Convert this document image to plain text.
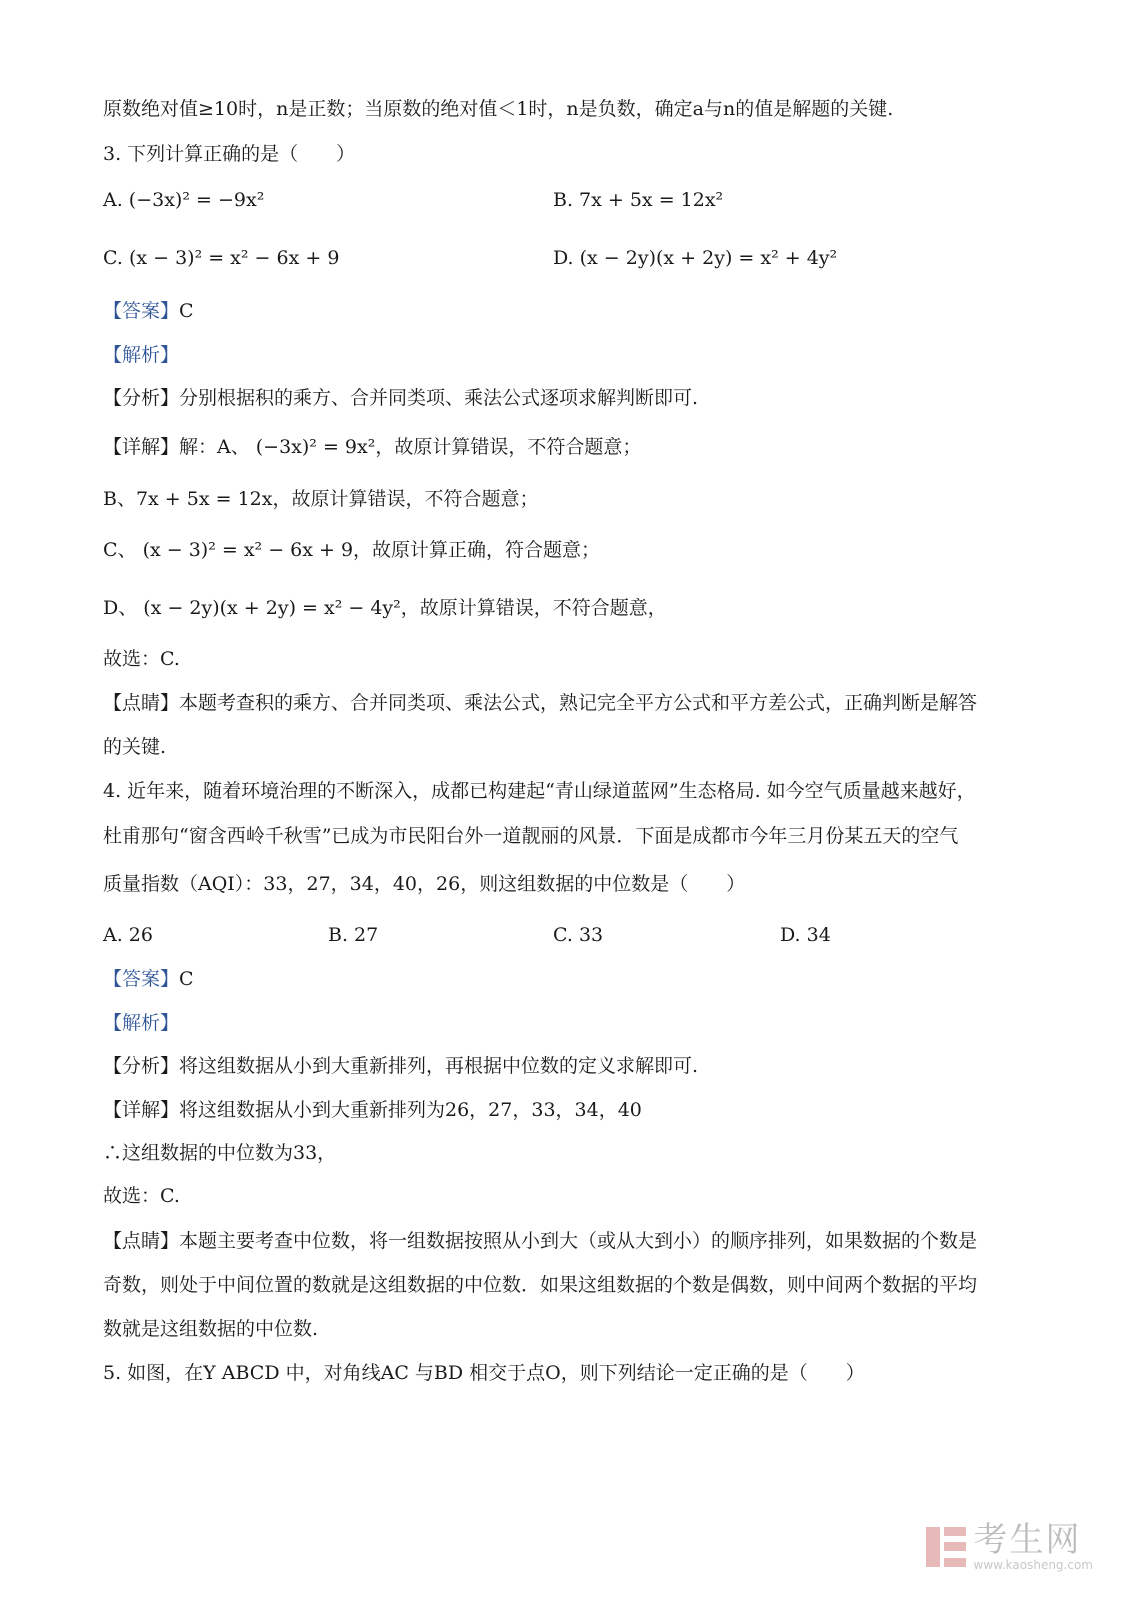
原数绝对值≥10时，n是正数；当原数的绝对值＜1时，n是负数，确定a与n的值是解题的关键.
3. 下列计算正确的是（　　）
A. (−3x)² = −9x²	B. 7x + 5x = 12x²
C. (x − 3)² = x² − 6x + 9	D. (x − 2y)(x + 2y) = x² + 4y²
【答案】C
【解析】
【分析】分别根据积的乘方、合并同类项、乘法公式逐项求解判断即可.
【详解】解：A、 (−3x)² = 9x²，故原计算错误，不符合题意；
B、7x + 5x = 12x，故原计算错误，不符合题意；
C、 (x − 3)² = x² − 6x + 9，故原计算正确，符合题意；
D、 (x − 2y)(x + 2y) = x² − 4y²，故原计算错误，不符合题意，
故选：C.
【点睛】本题考查积的乘方、合并同类项、乘法公式，熟记完全平方公式和平方差公式，正确判断是解答
的关键.
4. 近年来，随着环境治理的不断深入，成都已构建起“青山绿道蓝网”生态格局. 如今空气质量越来越好，
杜甫那句“窗含西岭千秋雪”已成为市民阳台外一道靓丽的风景．下面是成都市今年三月份某五天的空气
质量指数（AQI）：33，27，34，40，26，则这组数据的中位数是（　　）
A. 26	B. 27	C. 33	D. 34
【答案】C
【解析】
【分析】将这组数据从小到大重新排列，再根据中位数的定义求解即可.
【详解】将这组数据从小到大重新排列为26，27，33，34，40
∴这组数据的中位数为33，
故选：C.
【点睛】本题主要考查中位数，将一组数据按照从小到大（或从大到小）的顺序排列，如果数据的个数是
奇数，则处于中间位置的数就是这组数据的中位数．如果这组数据的个数是偶数，则中间两个数据的平均
数就是这组数据的中位数.
5. 如图，在Y ABCD 中，对角线AC 与BD 相交于点O，则下列结论一定正确的是（　　）
考生网
www.kaosheng.com
